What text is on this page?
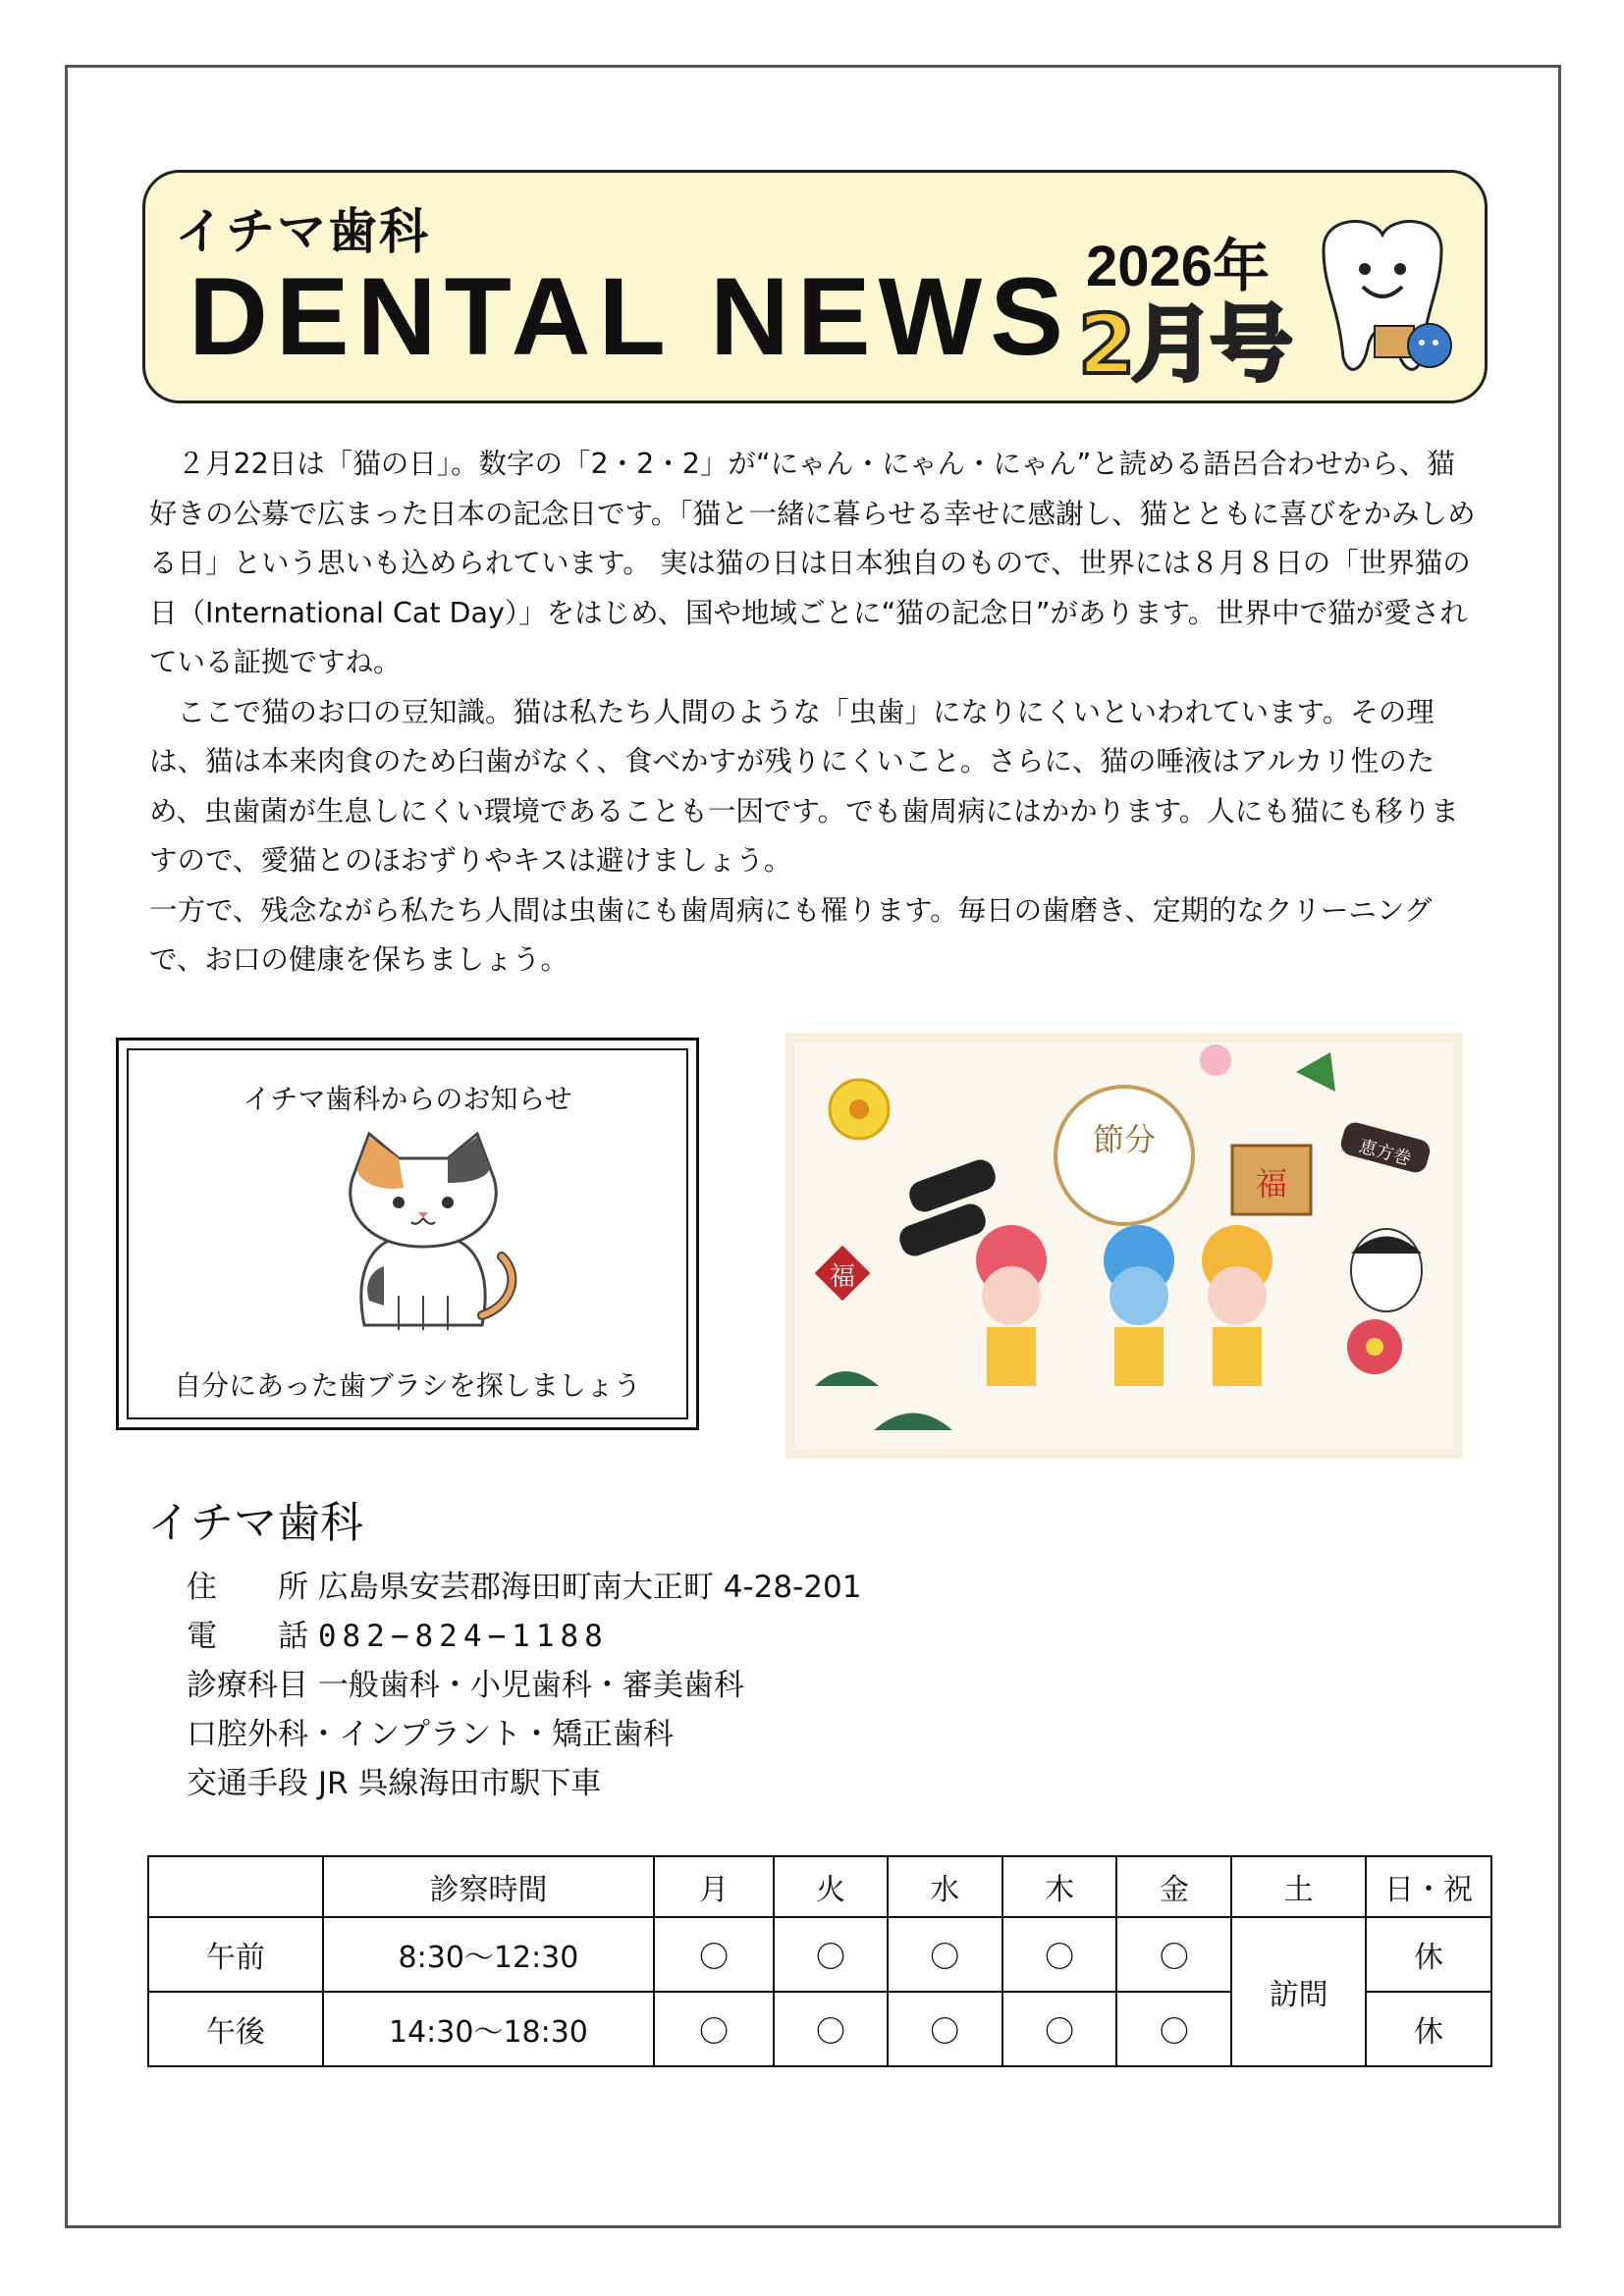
イチマ歯科
DENTAL NEWS 2026年
2月号

２月22日は「猫の日」。数字の「2・2・2」が“にゃん・にゃん・にゃん”と読める語呂合わせから、猫好きの公募で広まった日本の記念日です。「猫と一緒に暮らせる幸せに感謝し、猫とともに喜びをかみしめる日」という思いも込められています。 実は猫の日は日本独自のもので、世界には８月８日の「世界猫の日（International Cat Day）」をはじめ、国や地域ごとに“猫の記念日”があります。世界中で猫が愛されている証拠ですね。

ここで猫のお口の豆知識。猫は私たち人間のような「虫歯」になりにくいといわれています。その理は、猫は本来肉食のため臼歯がなく、食べかすが残りにくいこと。さらに、猫の唾液はアルカリ性のため、虫歯菌が生息しにくい環境であることも一因です。でも歯周病にはかかります。人にも猫にも移りますので、愛猫とのほおずりやキスは避けましょう。

一方で、残念ながら私たち人間は虫歯にも歯周病にも罹ります。毎日の歯磨き、定期的なクリーニングで、お口の健康を保ちましょう。

イチマ歯科からのお知らせ
自分にあった歯ブラシを探しましょう
節分
福
恵方巻
福
イチマ歯科
住　　所
広島県安芸郡海田町南大正町 4-28-201
電　　話
082−824−1188
診療科目
一般歯科・小児歯科・審美歯科
口腔外科・インプラント・矯正歯科
交通手段
JR 呉線海田市駅下車
	診察時間	月	火	水	木	金	土	日・祝
午前	8:30〜12:30	〇	〇	〇	〇	〇	訪問	休
午後	14:30〜18:30	〇	〇	〇	〇	〇		休
